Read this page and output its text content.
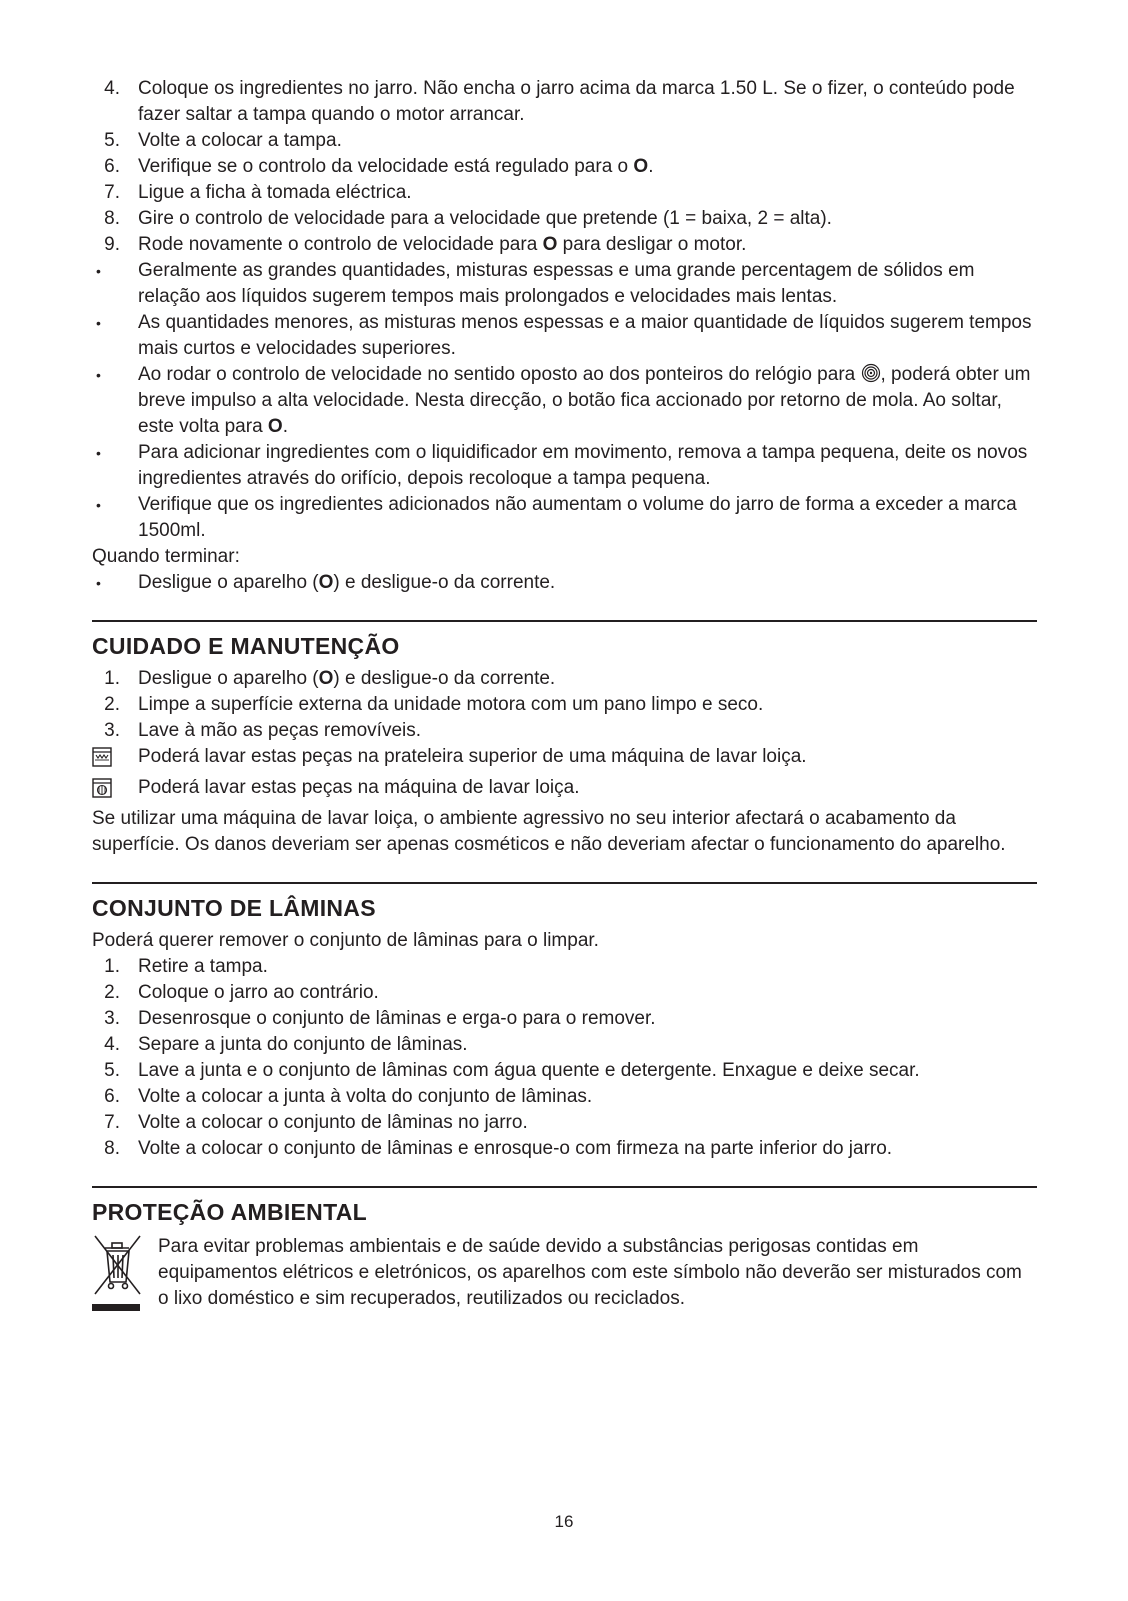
4. Coloque os ingredientes no jarro. Não encha o jarro acima da marca 1.50 L. Se o fizer, o conteúdo pode fazer saltar a tampa quando o motor arrancar.
5. Volte a colocar a tampa.
6. Verifique se o controlo da velocidade está regulado para o O.
7. Ligue a ficha à tomada eléctrica.
8. Gire o controlo de velocidade para a velocidade que pretende (1 = baixa, 2 = alta).
9. Rode novamente o controlo de velocidade para O para desligar o motor.
•	Geralmente as grandes quantidades, misturas espessas e uma grande percentagem de sólidos em relação aos líquidos sugerem tempos mais prolongados e velocidades mais lentas.
•	As quantidades menores, as misturas menos espessas e a maior quantidade de líquidos sugerem tempos mais curtos e velocidades superiores.
•	Ao rodar o controlo de velocidade no sentido oposto ao dos ponteiros do relógio para , poderá obter um breve impulso a alta velocidade. Nesta direcção, o botão fica accionado por retorno de mola. Ao soltar, este volta para O.
•	Para adicionar ingredientes com o liquidificador em movimento, remova a tampa pequena, deite os novos ingredientes através do orifício, depois recoloque a tampa pequena.
•	Verifique que os ingredientes adicionados não aumentam o volume do jarro de forma a exceder a marca 1500ml.
Quando terminar:
•	Desligue o aparelho (O) e desligue-o da corrente.
CUIDADO E MANUTENÇÃO
1. Desligue o aparelho (O) e desligue-o da corrente.
2. Limpe a superfície externa da unidade motora com um pano limpo e seco.
3. Lave à mão as peças removíveis.
Poderá lavar estas peças na prateleira superior de uma máquina de lavar loiça.
Poderá lavar estas peças na máquina de lavar loiça.
Se utilizar uma máquina de lavar loiça, o ambiente agressivo no seu interior afectará o acabamento da superfície. Os danos deveriam ser apenas cosméticos e não deveriam afectar o funcionamento do aparelho.
CONJUNTO DE LÂMINAS
Poderá querer remover o conjunto de lâminas para o limpar.
1. Retire a tampa.
2. Coloque o jarro ao contrário.
3. Desenrosque o conjunto de lâminas e erga-o para o remover.
4. Separe a junta do conjunto de lâminas.
5. Lave a junta e o conjunto de lâminas com água quente e detergente. Enxague e deixe secar.
6. Volte a colocar a junta à volta do conjunto de lâminas.
7. Volte a colocar o conjunto de lâminas no jarro.
8. Volte a colocar o conjunto de lâminas e enrosque-o com firmeza na parte inferior do jarro.
PROTEÇÃO AMBIENTAL
Para evitar problemas ambientais e de saúde devido a substâncias perigosas contidas em equipamentos elétricos e eletrónicos, os aparelhos com este símbolo não deverão ser misturados com o lixo doméstico e sim recuperados, reutilizados ou reciclados.
16
